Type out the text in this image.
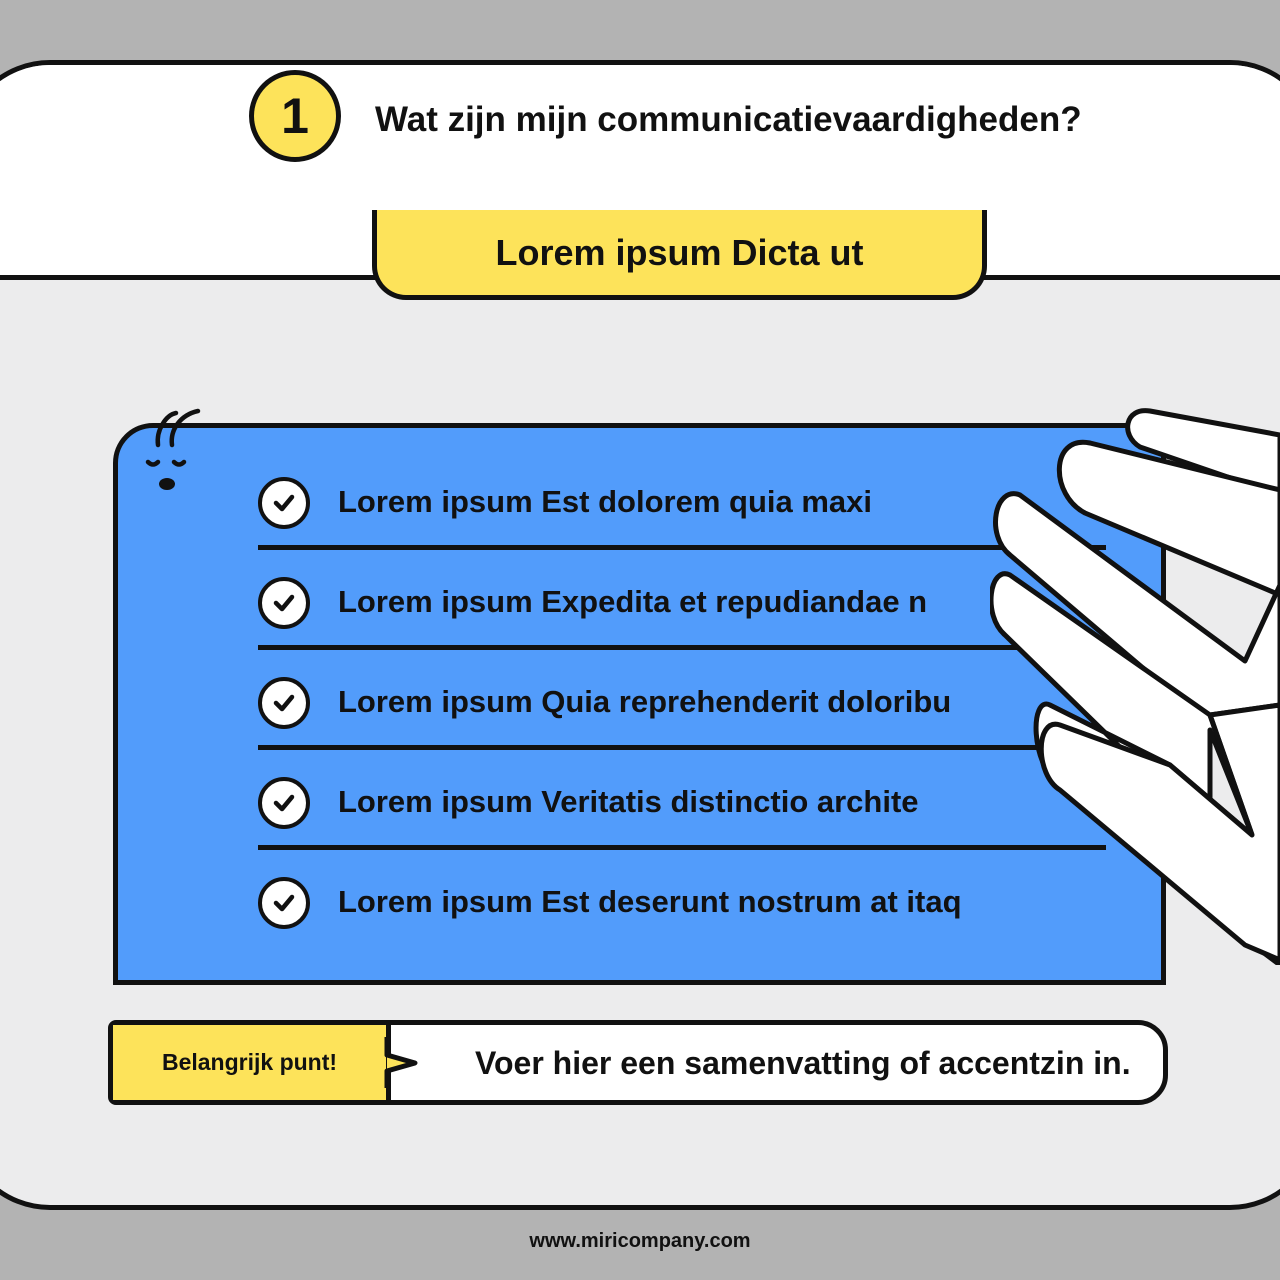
1	Wat zijn mijn communicatievaardigheden?
Lorem ipsum Dicta ut
Lorem ipsum Est dolorem quia maxi
Lorem ipsum Expedita et repudiandae n
Lorem ipsum Quia reprehenderit doloribu
Lorem ipsum Veritatis distinctio archite
Lorem ipsum Est deserunt nostrum at itaq
Belangrijk punt!	Voer hier een samenvatting of accentzin in.
www.miricompany.com
